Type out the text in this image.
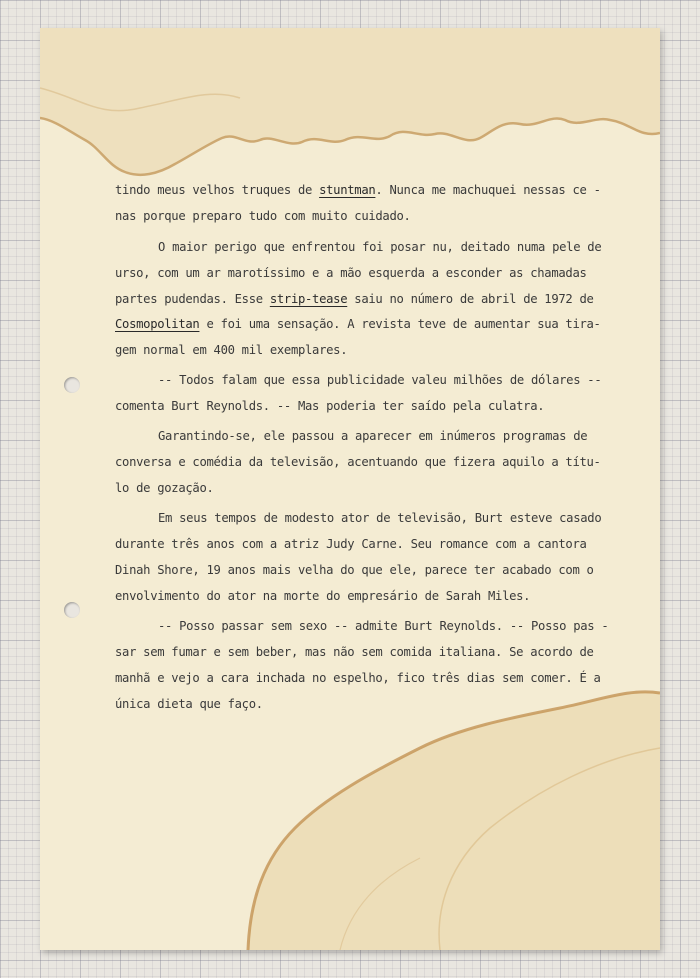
tindo meus velhos truques de stuntman. Nunca me machuquei nessas ce -
nas porque preparo tudo com muito cuidado.
O maior perigo que enfrentou foi posar nu, deitado numa pele de
urso, com um ar marotíssimo e a mão esquerda a esconder as chamadas
partes pudendas. Esse strip-tease saiu no número de abril de 1972 de
Cosmopolitan e foi uma sensação. A revista teve de aumentar sua tira-
gem normal em 400 mil exemplares.
-- Todos falam que essa publicidade valeu milhões de dólares --
comenta Burt Reynolds. -- Mas poderia ter saído pela culatra.
Garantindo-se, ele passou a aparecer em inúmeros programas de
conversa e comédia da televisão, acentuando que fizera aquilo a títu-
lo de gozação.
Em seus tempos de modesto ator de televisão, Burt esteve casado
durante três anos com a atriz Judy Carne. Seu romance com a cantora
Dinah Shore, 19 anos mais velha do que ele, parece ter acabado com o
envolvimento do ator na morte do empresário de Sarah Miles.
-- Posso passar sem sexo -- admite Burt Reynolds. -- Posso pas -
sar sem fumar e sem beber, mas não sem comida italiana. Se acordo de
manhã e vejo a cara inchada no espelho, fico três dias sem comer. É a
única dieta que faço.
